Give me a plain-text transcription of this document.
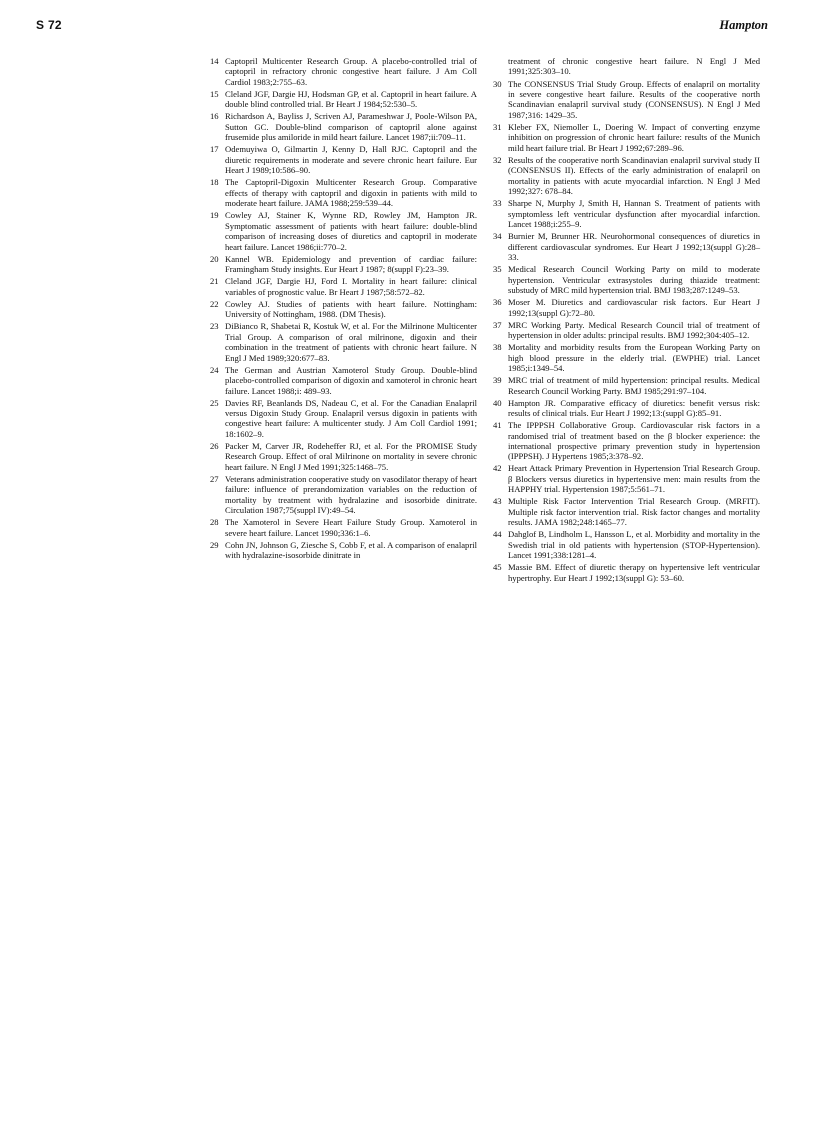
S 72	Hampton
14 Captopril Multicenter Research Group. A placebo-controlled trial of captopril in refractory chronic congestive heart failure. J Am Coll Cardiol 1983;2:755–63.
15 Cleland JGF, Dargie HJ, Hodsman GP, et al. Captopril in heart failure. A double blind controlled trial. Br Heart J 1984;52:530–5.
16 Richardson A, Bayliss J, Scriven AJ, Parameshwar J, Poole-Wilson PA, Sutton GC. Double-blind comparison of captopril alone against frusemide plus amiloride in mild heart failure. Lancet 1987;ii:709–11.
17 Odemuyiwa O, Gilmartin J, Kenny D, Hall RJC. Captopril and the diuretic requirements in moderate and severe chronic heart failure. Eur Heart J 1989;10:586–90.
18 The Captopril-Digoxin Multicenter Research Group. Comparative effects of therapy with captopril and digoxin in patients with mild to moderate heart failure. JAMA 1988;259:539–44.
19 Cowley AJ, Stainer K, Wynne RD, Rowley JM, Hampton JR. Symptomatic assessment of patients with heart failure: double-blind comparison of increasing doses of diuretics and captopril in moderate heart failure. Lancet 1986;ii:770–2.
20 Kannel WB. Epidemiology and prevention of cardiac failure: Framingham Study insights. Eur Heart J 1987; 8(suppl F):23–39.
21 Cleland JGF, Dargie HJ, Ford I. Mortality in heart failure: clinical variables of prognostic value. Br Heart J 1987;58:572–82.
22 Cowley AJ. Studies of patients with heart failure. Nottingham: University of Nottingham, 1988. (DM Thesis).
23 DiBianco R, Shabetai R, Kostuk W, et al. For the Milrinone Multicenter Trial Group. A comparison of oral milrinone, digoxin and their combination in the treatment of patients with chronic heart failure. N Engl J Med 1989;320:677–83.
24 The German and Austrian Xamoterol Study Group. Double-blind placebo-controlled comparison of digoxin and xamoterol in chronic heart failure. Lancet 1988;i: 489–93.
25 Davies RF, Beanlands DS, Nadeau C, et al. For the Canadian Enalapril versus Digoxin Study Group. Enalapril versus digoxin in patients with congestive heart failure: A multicenter study. J Am Coll Cardiol 1991; 18:1602–9.
26 Packer M, Carver JR, Rodeheffer RJ, et al. For the PROMISE Study Research Group. Effect of oral Milrinone on mortality in severe chronic heart failure. N Engl J Med 1991;325:1468–75.
27 Veterans administration cooperative study on vasodilator therapy of heart failure: influence of prerandomization variables on the reduction of mortality by treatment with hydralazine and isosorbide dinitrate. Circulation 1987;75(suppl IV):49–54.
28 The Xamoterol in Severe Heart Failure Study Group. Xamoterol in severe heart failure. Lancet 1990;336:1–6.
29 Cohn JN, Johnson G, Ziesche S, Cobb F, et al. A comparison of enalapril with hydralazine-isosorbide dinitrate in
treatment of chronic congestive heart failure. N Engl J Med 1991;325:303–10.
30 The CONSENSUS Trial Study Group. Effects of enalapril on mortality in severe congestive heart failure. Results of the cooperative north Scandinavian enalapril survival study (CONSENSUS). N Engl J Med 1987;316: 1429–35.
31 Kleber FX, Niemoller L, Doering W. Impact of converting enzyme inhibition on progression of chronic heart failure: results of the Munich mild heart failure trial. Br Heart J 1992;67:289–96.
32 Results of the cooperative north Scandinavian enalapril survival study II (CONSENSUS II). Effects of the early administration of enalapril on mortality in patients with acute myocardial infarction. N Engl J Med 1992;327: 678–84.
33 Sharpe N, Murphy J, Smith H, Hannan S. Treatment of patients with symptomless left ventricular dysfunction after myocardial infarction. Lancet 1988;i:255–9.
34 Burnier M, Brunner HR. Neurohormonal consequences of diuretics in different cardiovascular syndromes. Eur Heart J 1992;13(suppl G):28–33.
35 Medical Research Council Working Party on mild to moderate hypertension. Ventricular extrasystoles during thiazide treatment: substudy of MRC mild hypertension trial. BMJ 1983;287:1249–53.
36 Moser M. Diuretics and cardiovascular risk factors. Eur Heart J 1992;13(suppl G):72–80.
37 MRC Working Party. Medical Research Council trial of treatment of hypertension in older adults: principal results. BMJ 1992;304:405–12.
38 Mortality and morbidity results from the European Working Party on high blood pressure in the elderly trial. (EWPHE) trial. Lancet 1985;i:1349–54.
39 MRC trial of treatment of mild hypertension: principal results. Medical Research Council Working Party. BMJ 1985;291:97–104.
40 Hampton JR. Comparative efficacy of diuretics: benefit versus risk: results of clinical trials. Eur Heart J 1992;13:(suppl G):85–91.
41 The IPPPSH Collaborative Group. Cardiovascular risk factors in a randomised trial of treatment based on the β blocker experience: the international prospective primary prevention study in hypertension (IPPPSH). J Hypertens 1985;3:378–92.
42 Heart Attack Primary Prevention in Hypertension Trial Research Group. β Blockers versus diuretics in hypertensive men: main results from the HAPPHY trial. Hypertension 1987;5:561–71.
43 Multiple Risk Factor Intervention Trial Research Group. (MRFIT). Multiple risk factor intervention trial. Risk factor changes and mortality results. JAMA 1982;248:1465–77.
44 Dahglof B, Lindholm L, Hansson L, et al. Morbidity and mortality in the Swedish trial in old patients with hypertension (STOP-Hypertension). Lancet 1991;338:1281–4.
45 Massie BM. Effect of diuretic therapy on hypertensive left ventricular hypertrophy. Eur Heart J 1992;13(suppl G): 53–60.
